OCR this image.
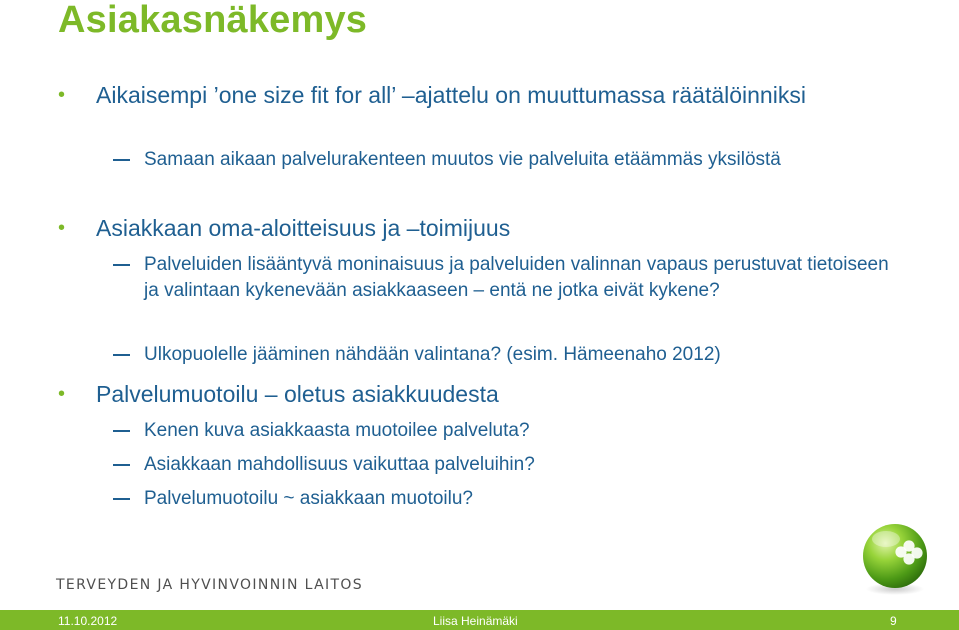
Asiakasnäkemys
•	Aikaisempi ’one size fit for all’ –ajattelu on muuttumassa räätälöinniksi
Samaan aikaan palvelurakenteen muutos vie palveluita etäämmäs yksilöstä
•	Asiakkaan oma-aloitteisuus ja –toimijuus
Palveluiden lisääntyvä moninaisuus ja palveluiden valinnan vapaus perustuvat tietoiseen ja valintaan kykenevään asiakkaaseen – entä ne jotka eivät kykene?
Ulkopuolelle jääminen nähdään valintana? (esim. Hämeenaho 2012)
•	Palvelumuotoilu – oletus asiakkuudesta
Kenen kuva asiakkaasta muotoilee palveluta?
Asiakkaan mahdollisuus vaikuttaa palveluihin?
Palvelumuotoilu ~ asiakkaan muotoilu?
TERVEYDEN JA HYVINVOINNIN LAITOS
11.10.2012	Liisa Heinämäki	9
